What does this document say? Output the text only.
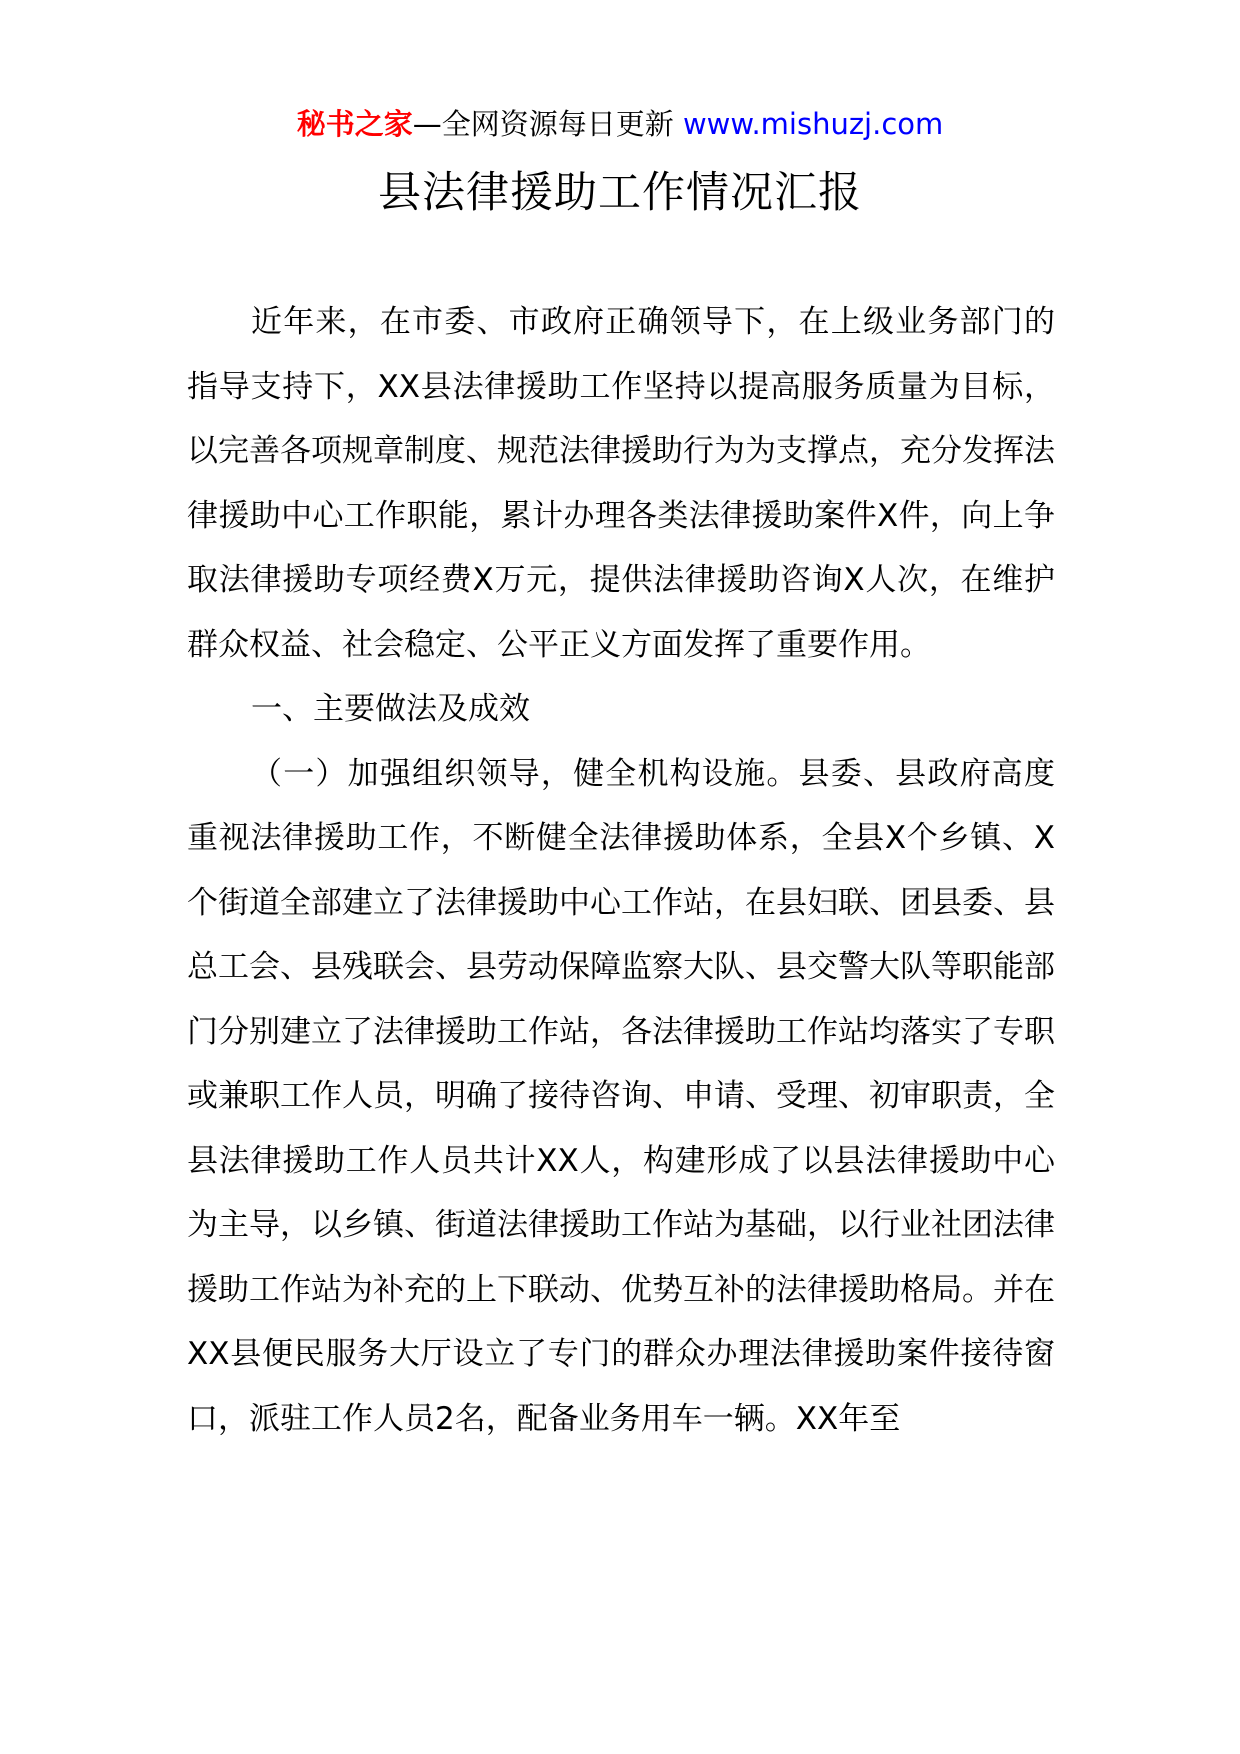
秘书之家—全网资源每日更新 www.mishuzj.com
县法律援助工作情况汇报

近年来，在市委、市政府正确领导下，在上级业务部门的指导支持下，XX县法律援助工作坚持以提高服务质量为目标，以完善各项规章制度、规范法律援助行为为支撑点，充分发挥法律援助中心工作职能，累计办理各类法律援助案件X件，向上争取法律援助专项经费X万元，提供法律援助咨询X人次，在维护群众权益、社会稳定、公平正义方面发挥了重要作用。

一、主要做法及成效

（一）加强组织领导，健全机构设施。县委、县政府高度重视法律援助工作，不断健全法律援助体系，全县X个乡镇、X个街道全部建立了法律援助中心工作站，在县妇联、团县委、县总工会、县残联会、县劳动保障监察大队、县交警大队等职能部门分别建立了法律援助工作站，各法律援助工作站均落实了专职或兼职工作人员，明确了接待咨询、申请、受理、初审职责，全县法律援助工作人员共计XX人，构建形成了以县法律援助中心为主导，以乡镇、街道法律援助工作站为基础，以行业社团法律援助工作站为补充的上下联动、优势互补的法律援助格局。并在XX县便民服务大厅设立了专门的群众办理法律援助案件接待窗口，派驻工作人员2名，配备业务用车一辆。XX年至
